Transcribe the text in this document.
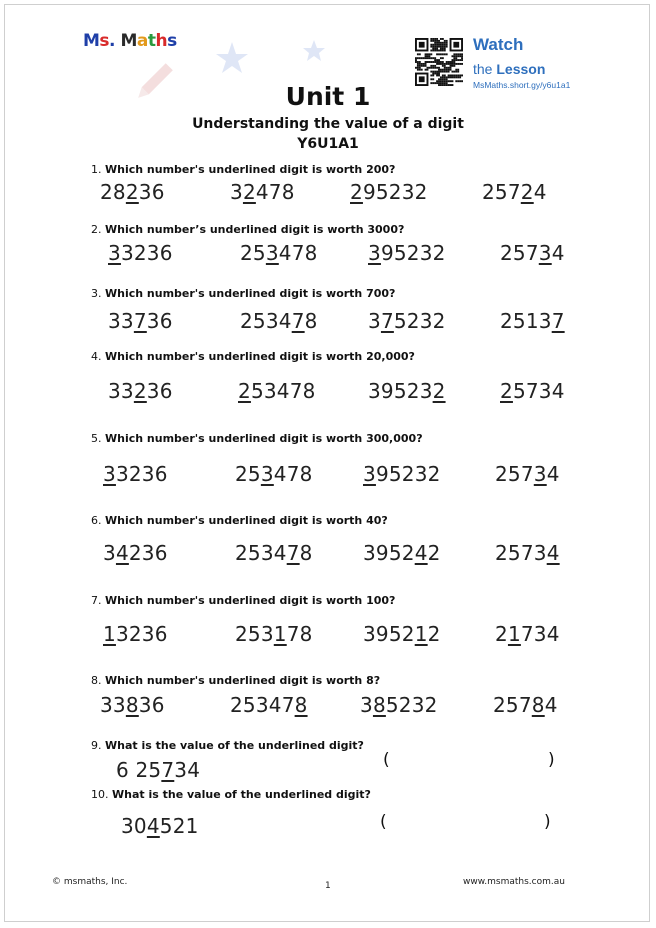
Ms. Maths	Watch
the Lesson
MsMaths.short.gy/y6u1a1
Unit 1
Understanding the value of a digit
Y6U1A1
1. Which number's underlined digit is worth 200?
2. Which number’s underlined digit is worth 3000?
3. Which number's underlined digit is worth 700?
4. Which number's underlined digit is worth 20,000?
5. Which number's underlined digit is worth 300,000?
6. Which number's underlined digit is worth 40?
7. Which number's underlined digit is worth 100?
8. Which number's underlined digit is worth 8?
9. What is the value of the underlined digit?
10. What is the value of the underlined digit?
28236	32478	295232	25724
33236	253478	395232	25734
33736	253478	375232	25137
33236	253478	395232	25734
33236	253478	395232	25734
34236	253478	395242	25734
13236	253178	395212	21734
33836	253478	385232	25784
6 25734	(	)
304521	(	)
© msmaths, Inc.	1	www.msmaths.com.au
